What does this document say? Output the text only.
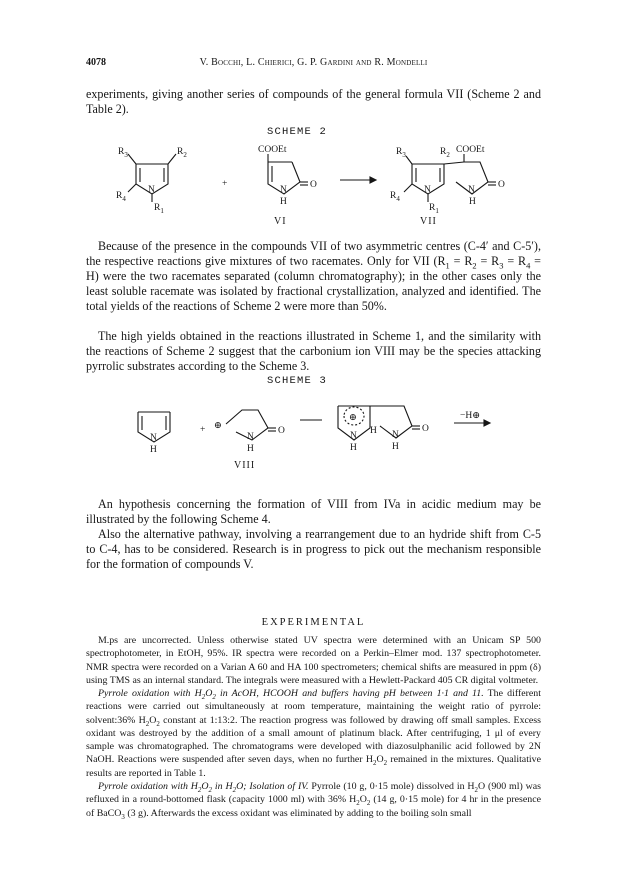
4078	V. Bocchi, L. Chierici, G. P. Gardini and R. Mondelli

experiments, giving another series of compounds of the general formula VII (Scheme 2 and Table 2).

SCHEME 2
$R_3$	$R_2$
$R_4$
N
$R_1$
+
COOEt
N
H
O
VI
$R_3$	$R_2$ COOEt
$R_4$
N
$R_1$
N
H
O
VII

Because of the presence in the compounds VII of two asymmetric centres (C-4′ and C-5′), the respective reactions give mixtures of two racemates. Only for VII $(R_1 = R_2 = R_3 = R_4 = H)$ were the two racemates separated (column chromatography); in the other cases only the least soluble racemate was isolated by fractional crystallization, analyzed and identified. The total yields of the reactions of Scheme 2 were more than 50%.

The high yields obtained in the reactions illustrated in Scheme 1, and the similarity with the reactions of Scheme 2 suggest that the carbonium ion VIII may be the species attacking pyrrolic substrates according to the Scheme 3.

SCHEME 3
N
H
+ ⊕
N
H
O
VIII
⊕
N
H
H N
H
O
−H⊕

An hypothesis concerning the formation of VIII from IVa in acidic medium may be illustrated by the following Scheme 4.

Also the alternative pathway, involving a rearrangement due to an hydride shift from C-5 to C-4, has to be considered. Research is in progress to pick out the mechanism responsible for the formation of compounds V.

EXPERIMENTAL
M.ps are uncorrected. Unless otherwise stated UV spectra were determined with an Unicam SP 500 spectrophotometer, in EtOH, 95%. IR spectra were recorded on a Perkin–Elmer mod. 137 spectrophotometer. NMR spectra were recorded on a Varian A 60 and HA 100 spectrometers; chemical shifts are measured in ppm (δ) using TMS as an internal standard. The integrals were measured with a Hewlett-Packard 405 CR digital voltmeter.

Pyrrole oxidation with $H_2O_2$ in AcOH, HCOOH and buffers having pH between 1·1 and 11. The different reactions were carried out simultaneously at room temperature, maintaining the weight ratio of pyrrole: solvent:36% $H_2O_2$ constant at 1:13:2. The reaction progress was followed by drawing off small samples. Excess oxidant was destroyed by the addition of a small amount of platinum black. After centrifuging, 1 μl of every sample was chromatographed. The chromatograms were developed with diazosulphanilic acid followed by 2N NaOH. Reactions were suspended after seven days, when no further $H_2O_2$ remained in the mixtures. Qualitative results are reported in Table 1.

Pyrrole oxidation with $H_2O_2$ in $H_2O$; Isolation of IV. Pyrrole (10 g, 0·15 mole) dissolved in $H_2O$ (900 ml) was refluxed in a round-bottomed flask (capacity 1000 ml) with 36% $H_2O_2$ (14 g, 0·15 mole) for 4 hr in the presence of BaCO$_3$ (3 g). Afterwards the excess oxidant was eliminated by adding to the boiling soln small
